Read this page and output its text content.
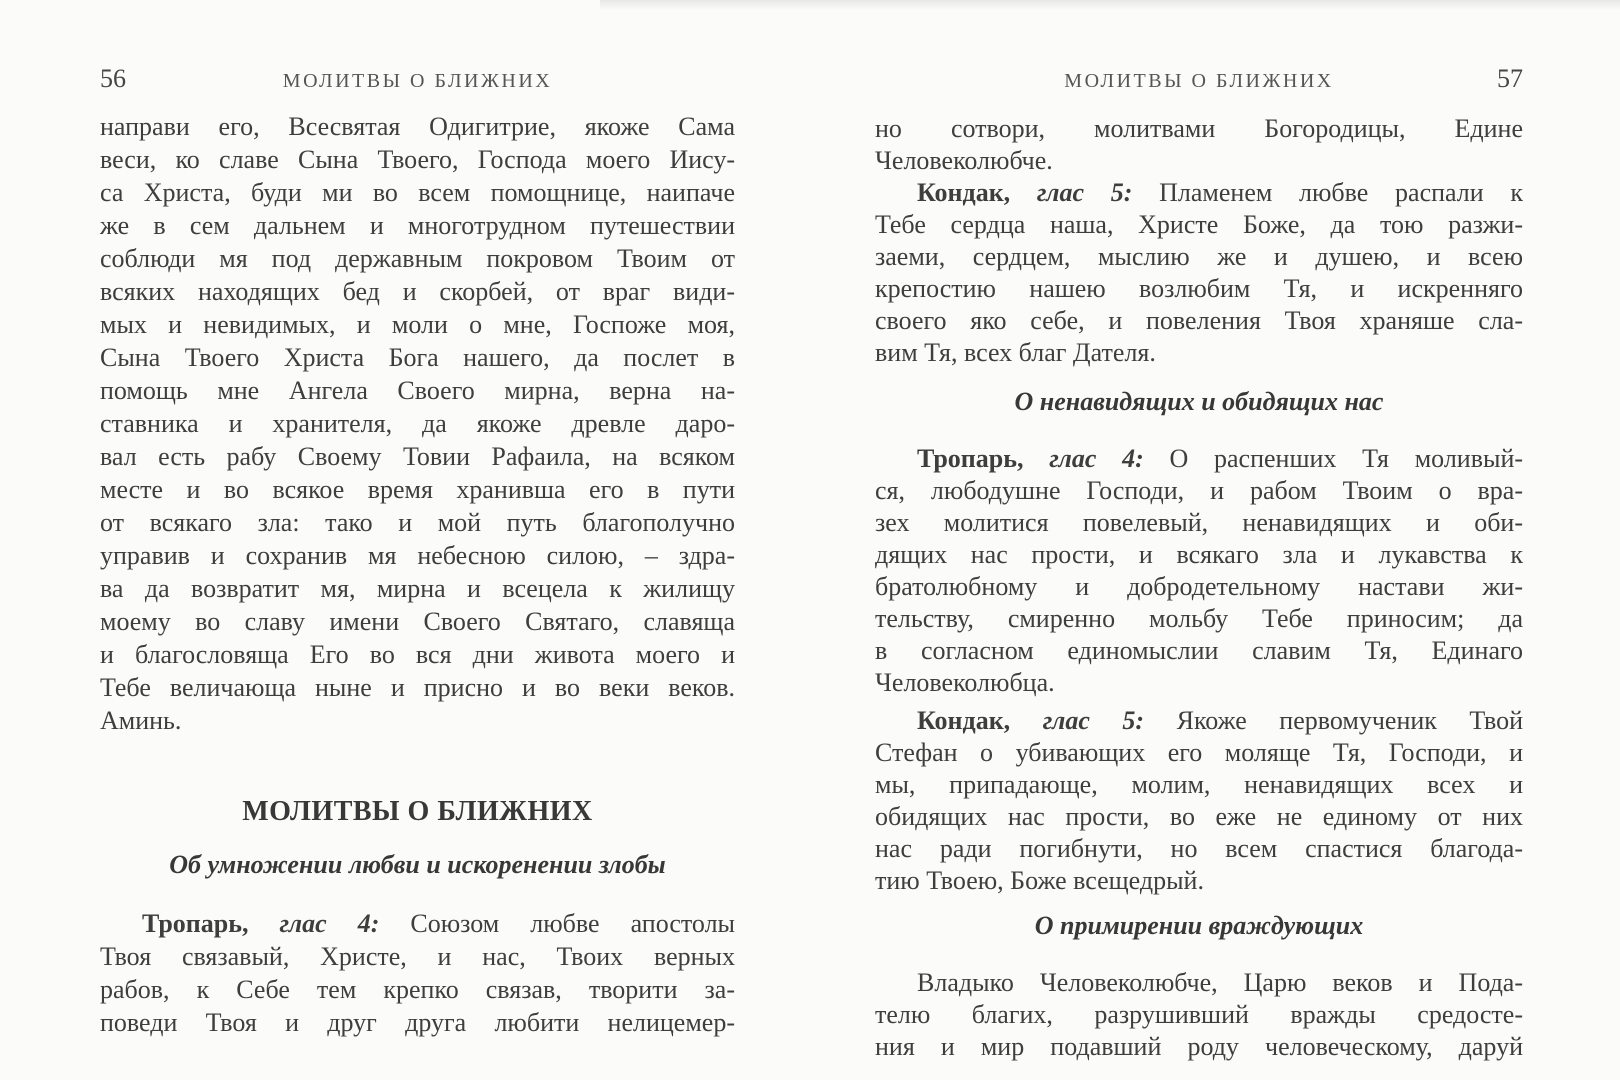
56	МОЛИТВЫ О БЛИЖНИХ
направи его, Всесвятая Одигитрие, якоже Сама
веси, ко славе Сына Твоего, Господа моего Иису-
са Христа, буди ми во всем помощнице, наипаче
же в сем дальнем и многотрудном путешествии
соблюди мя под державным покровом Твоим от
всяких находящих бед и скорбей, от враг види-
мых и невидимых, и моли о мне, Госпоже моя,
Сына Твоего Христа Бога нашего, да послет в
помощь мне Ангела Своего мирна, верна на-
ставника и хранителя, да якоже древле даро-
вал есть рабу Своему Товии Рафаила, на всяком
месте и во всякое время хранивша его в пути
от всякаго зла: тако и мой путь благополучно
управив и сохранив мя небесною силою, – здра-
ва да возвратит мя, мирна и всецела к жилищу
моему во славу имени Своего Святаго, славяща
и благословяща Его во вся дни живота моего и
Тебе величающа ныне и присно и во веки веков.
Аминь.
МОЛИТВЫ О БЛИЖНИХ
Об умножении любви и искоренении злобы
Тропарь, глас 4: Союзом любве апостолы
Твоя связавый, Христе, и нас, Твоих верных
рабов, к Себе тем крепко связав, творити за-
поведи Твоя и друг друга любити нелицемер-
МОЛИТВЫ О БЛИЖНИХ	57
но сотвори, молитвами Богородицы, Едине
Человеколюбче.
Кондак, глас 5: Пламенем любве распали к
Тебе сердца наша, Христе Боже, да тою разжи-
заеми, сердцем, мыслию же и душею, и всею
крепостию нашею возлюбим Тя, и искренняго
своего яко себе, и повеления Твоя храняше сла-
вим Тя, всех благ Дателя.
О ненавидящих и обидящих нас
Тропарь, глас 4: О распенших Тя моливый-
ся, любодушне Господи, и рабом Твоим о вра-
зех молитися повелевый, ненавидящих и оби-
дящих нас прости, и всякаго зла и лукавства к
братолюбному и добродетельному настави жи-
тельству, смиренно мольбу Тебе приносим; да
в согласном единомыслии славим Тя, Единаго
Человеколюбца.
Кондак, глас 5: Якоже первомученик Твой
Стефан о убивающих его моляще Тя, Господи, и
мы, припадающе, молим, ненавидящих всех и
обидящих нас прости, во еже не единому от них
нас ради погибнути, но всем спастися благода-
тию Твоею, Боже всещедрый.
О примирении враждующих
Владыко Человеколюбче, Царю веков и Пода-
телю благих, разрушивший вражды средосте-
ния и мир подавший роду человеческому, даруй
